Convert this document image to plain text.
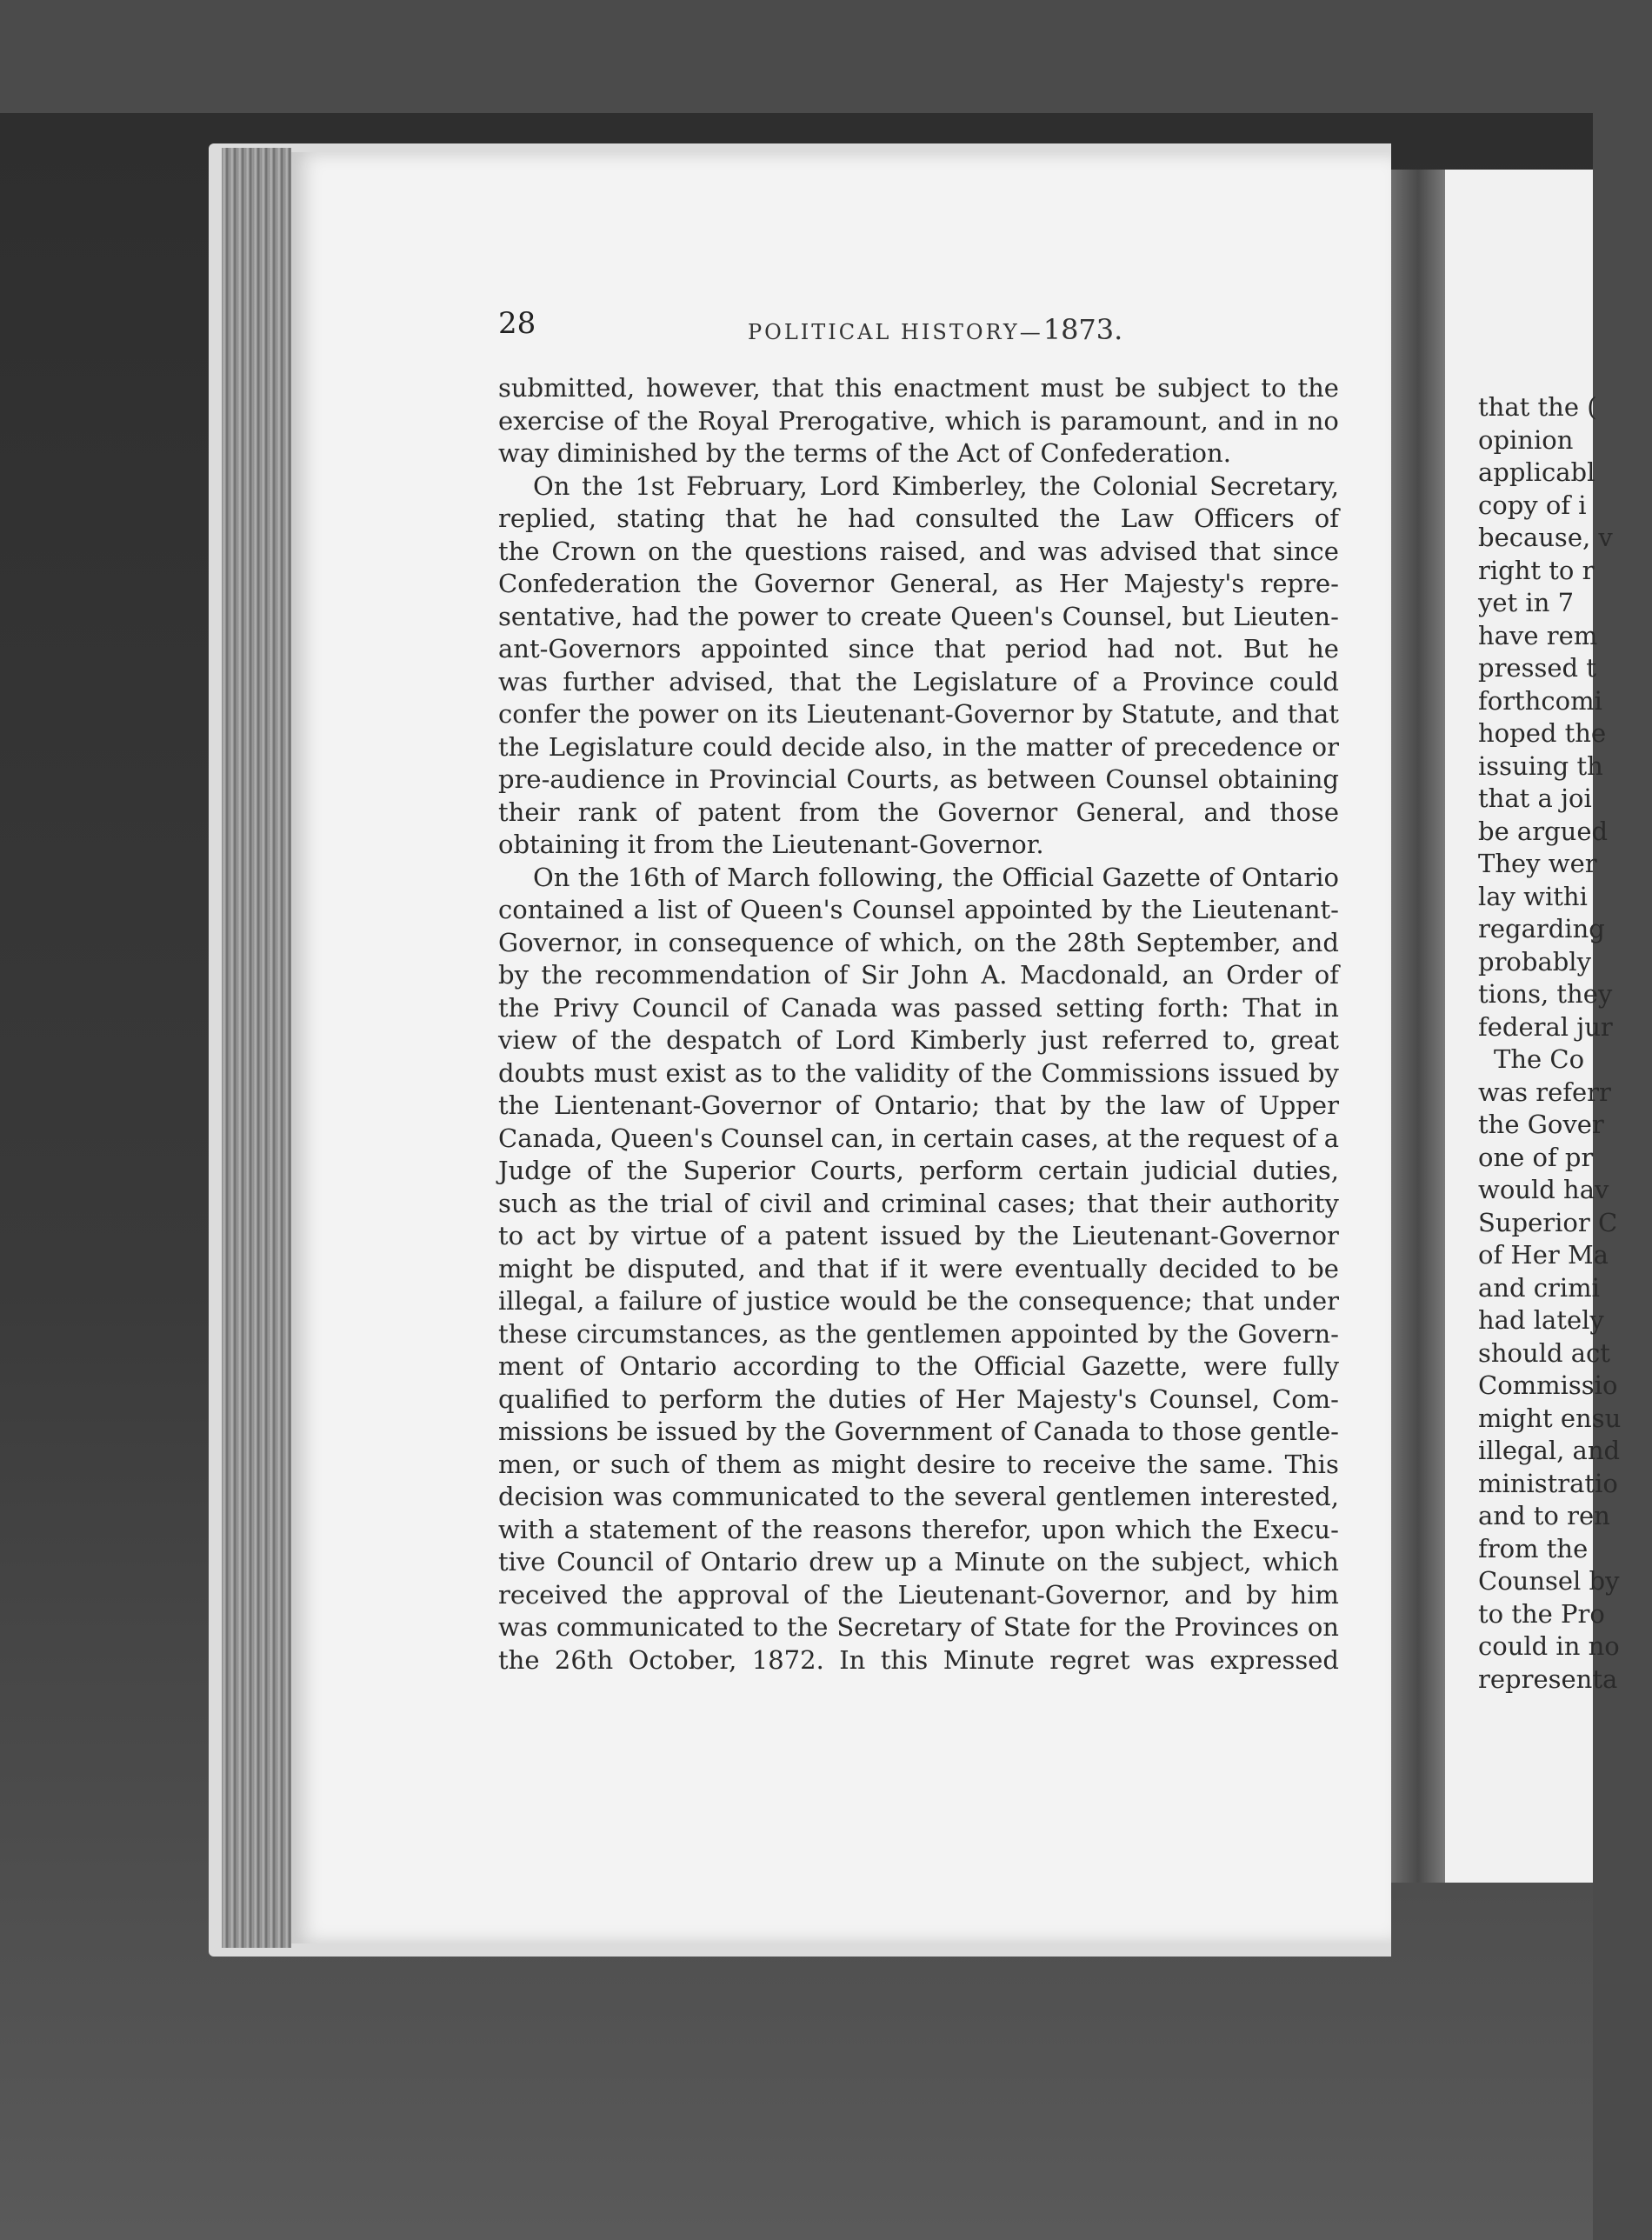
28	POLITICAL HISTORY—1873.
submitted, however, that this enactment must be subject to the
exercise of the Royal Prerogative, which is paramount, and in no
way diminished by the terms of the Act of Confederation.
On the 1st February, Lord Kimberley, the Colonial Secretary,
replied, stating that he had consulted the Law Officers of
the Crown on the questions raised, and was advised that since
Confederation the Governor General, as Her Majesty's repre-
sentative, had the power to create Queen's Counsel, but Lieuten-
ant-Governors appointed since that period had not. But he
was further advised, that the Legislature of a Province could
confer the power on its Lieutenant-Governor by Statute, and that
the Legislature could decide also, in the matter of precedence or
pre-audience in Provincial Courts, as between Counsel obtaining
their rank of patent from the Governor General, and those
obtaining it from the Lieutenant-Governor.
On the 16th of March following, the Official Gazette of Ontario
contained a list of Queen's Counsel appointed by the Lieutenant-
Governor, in consequence of which, on the 28th September, and
by the recommendation of Sir John A. Macdonald, an Order of
the Privy Council of Canada was passed setting forth: That in
view of the despatch of Lord Kimberly just referred to, great
doubts must exist as to the validity of the Commissions issued by
the Lientenant-Governor of Ontario; that by the law of Upper
Canada, Queen's Counsel can, in certain cases, at the request of a
Judge of the Superior Courts, perform certain judicial duties,
such as the trial of civil and criminal cases; that their authority
to act by virtue of a patent issued by the Lieutenant-Governor
might be disputed, and that if it were eventually decided to be
illegal, a failure of justice would be the consequence; that under
these circumstances, as the gentlemen appointed by the Govern-
ment of Ontario according to the Official Gazette, were fully
qualified to perform the duties of Her Majesty's Counsel, Com-
missions be issued by the Government of Canada to those gentle-
men, or such of them as might desire to receive the same. This
decision was communicated to the several gentlemen interested,
with a statement of the reasons therefor, upon which the Execu-
tive Council of Ontario drew up a Minute on the subject, which
received the approval of the Lieutenant-Governor, and by him
was communicated to the Secretary of State for the Provinces on
the 26th October, 1872. In this Minute regret was expressed
that the (
opinion
applicabl
copy of i
because, v
right to r
yet in 7
have rem
pressed t
forthcomi
hoped the
issuing th
that a joi
be argued
They wer
lay withi
regarding
probably
tions, they
federal jur
The Co
was referr
the Gover
one of pr
would hav
Superior C
of Her Ma
and crimi
had lately
should act
Commissio
might ensu
illegal, and
ministratio
and to ren
from the
Counsel by
to the Pro
could in no
representa
